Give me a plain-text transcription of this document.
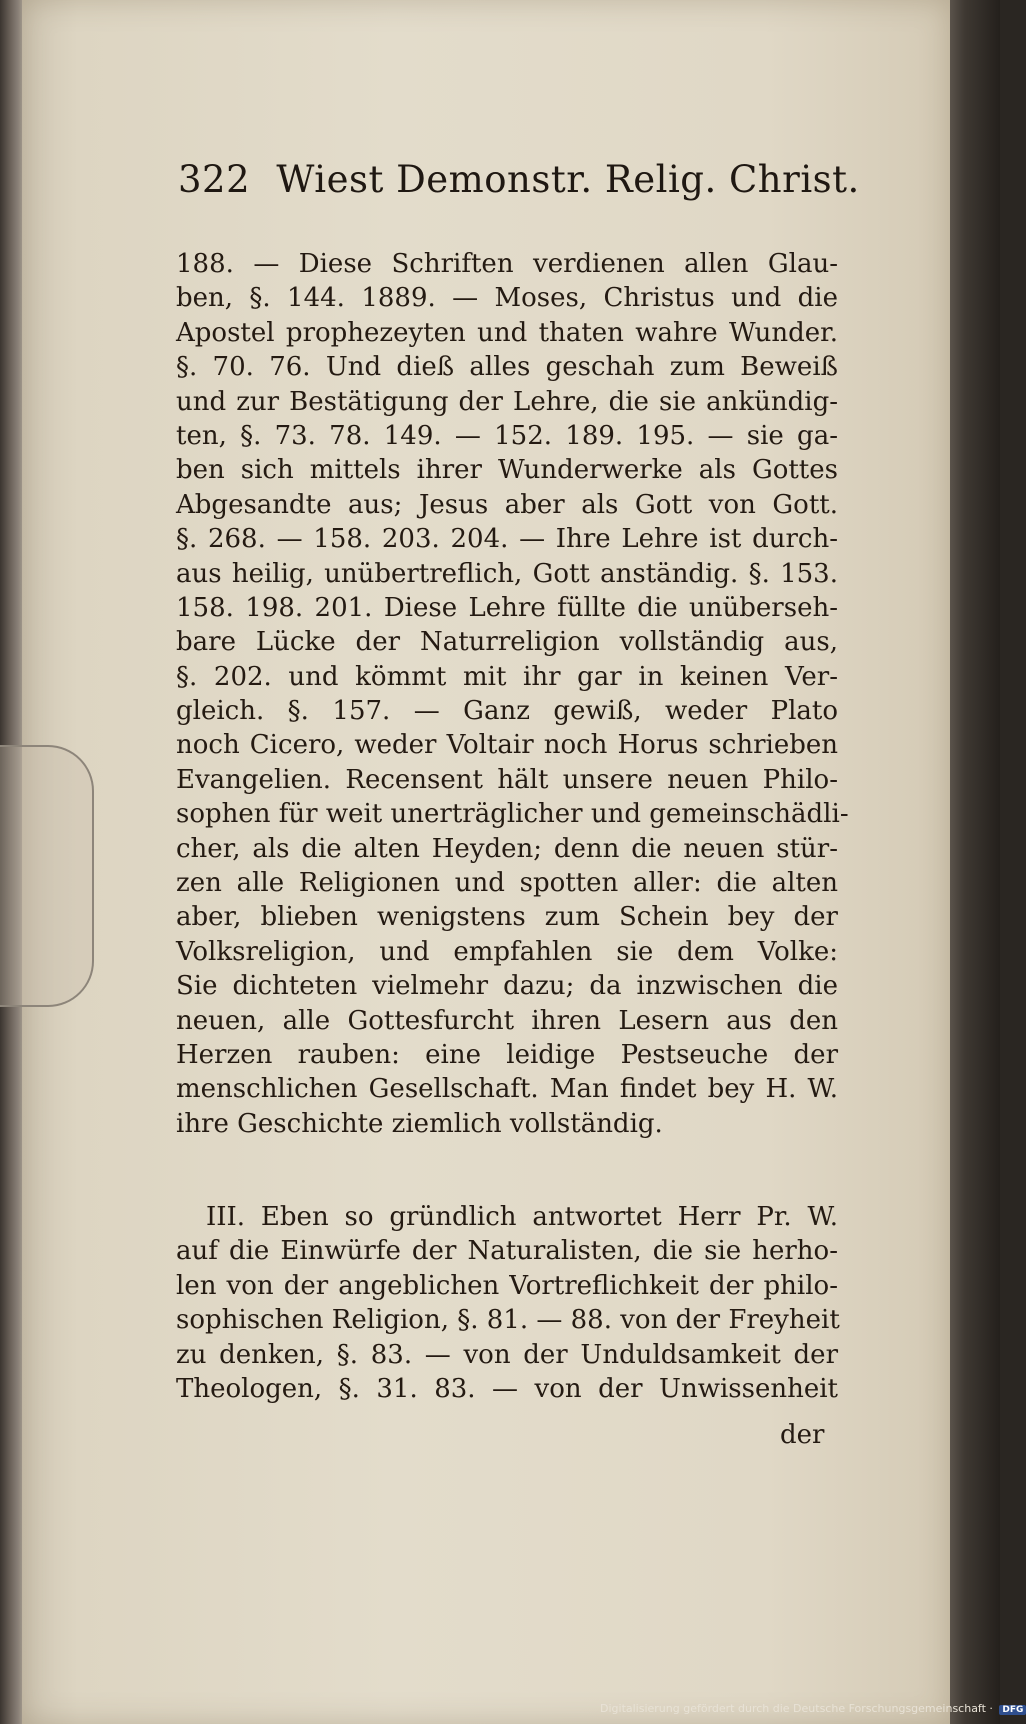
322 Wiest Demonstr. Relig. Christ.
188. — Diese Schriften verdienen allen Glau-
ben, §. 144. 1889. — Moses, Christus und die
Apostel prophezeyten und thaten wahre Wunder.
§. 70. 76. Und dieß alles geschah zum Beweiß
und zur Bestätigung der Lehre, die sie ankündig-
ten, §. 73. 78. 149. — 152. 189. 195. — sie ga-
ben sich mittels ihrer Wunderwerke als Gottes
Abgesandte aus; Jesus aber als Gott von Gott.
§. 268. — 158. 203. 204. — Ihre Lehre ist durch-
aus heilig, unübertreflich, Gott anständig. §. 153.
158. 198. 201. Diese Lehre füllte die unüberseh-
bare Lücke der Naturreligion vollständig aus,
§. 202. und kömmt mit ihr gar in keinen Ver-
gleich. §. 157. — Ganz gewiß, weder Plato
noch Cicero, weder Voltair noch Horus schrieben
Evangelien. Recensent hält unsere neuen Philo-
sophen für weit unerträglicher und gemeinschädli-
cher, als die alten Heyden; denn die neuen stür-
zen alle Religionen und spotten aller: die alten
aber, blieben wenigstens zum Schein bey der
Volksreligion, und empfahlen sie dem Volke:
Sie dichteten vielmehr dazu; da inzwischen die
neuen, alle Gottesfurcht ihren Lesern aus den
Herzen rauben: eine leidige Pestseuche der
menschlichen Gesellschaft. Man findet bey H. W.
ihre Geschichte ziemlich vollständig.
III. Eben so gründlich antwortet Herr Pr. W.
auf die Einwürfe der Naturalisten, die sie herho-
len von der angeblichen Vortreflichkeit der philo-
sophischen Religion, §. 81. — 88. von der Freyheit
zu denken, §. 83. — von der Unduldsamkeit der
Theologen, §. 31. 83. — von der Unwissenheit
der
Digitalisierung gefördert durch die Deutsche Forschungsgemeinschaft · DFG
